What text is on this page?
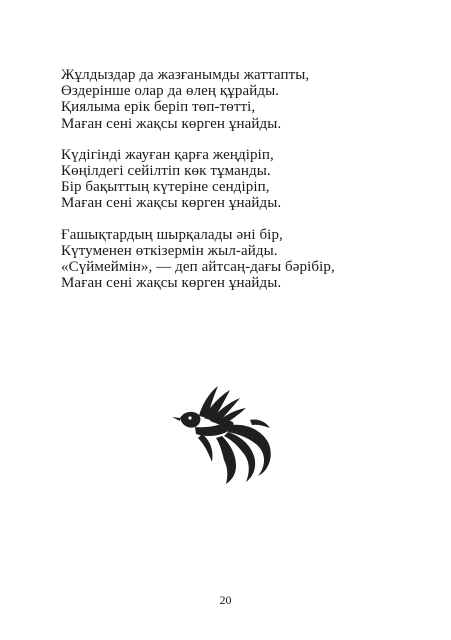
Жұлдыздар да жазғанымды жаттапты,
Өздерінше олар да өлең құрайды.
Қиялыма ерік беріп төп-төтті,
Маған сені жақсы көрген ұнайды.
Күдігінді жауған қарға жеңдіріп,
Көңілдегі сейілтіп көк тұманды.
Бір бақыттың күтеріне сендіріп,
Маған сені жақсы көрген ұнайды.
Ғашықтардың шырқалады әні бір,
Күтуменен өткізермін жыл-айды.
«Сүймеймін», — деп айтсаң-дағы бәрібір,
Маған сені жақсы көрген ұнайды.
20
